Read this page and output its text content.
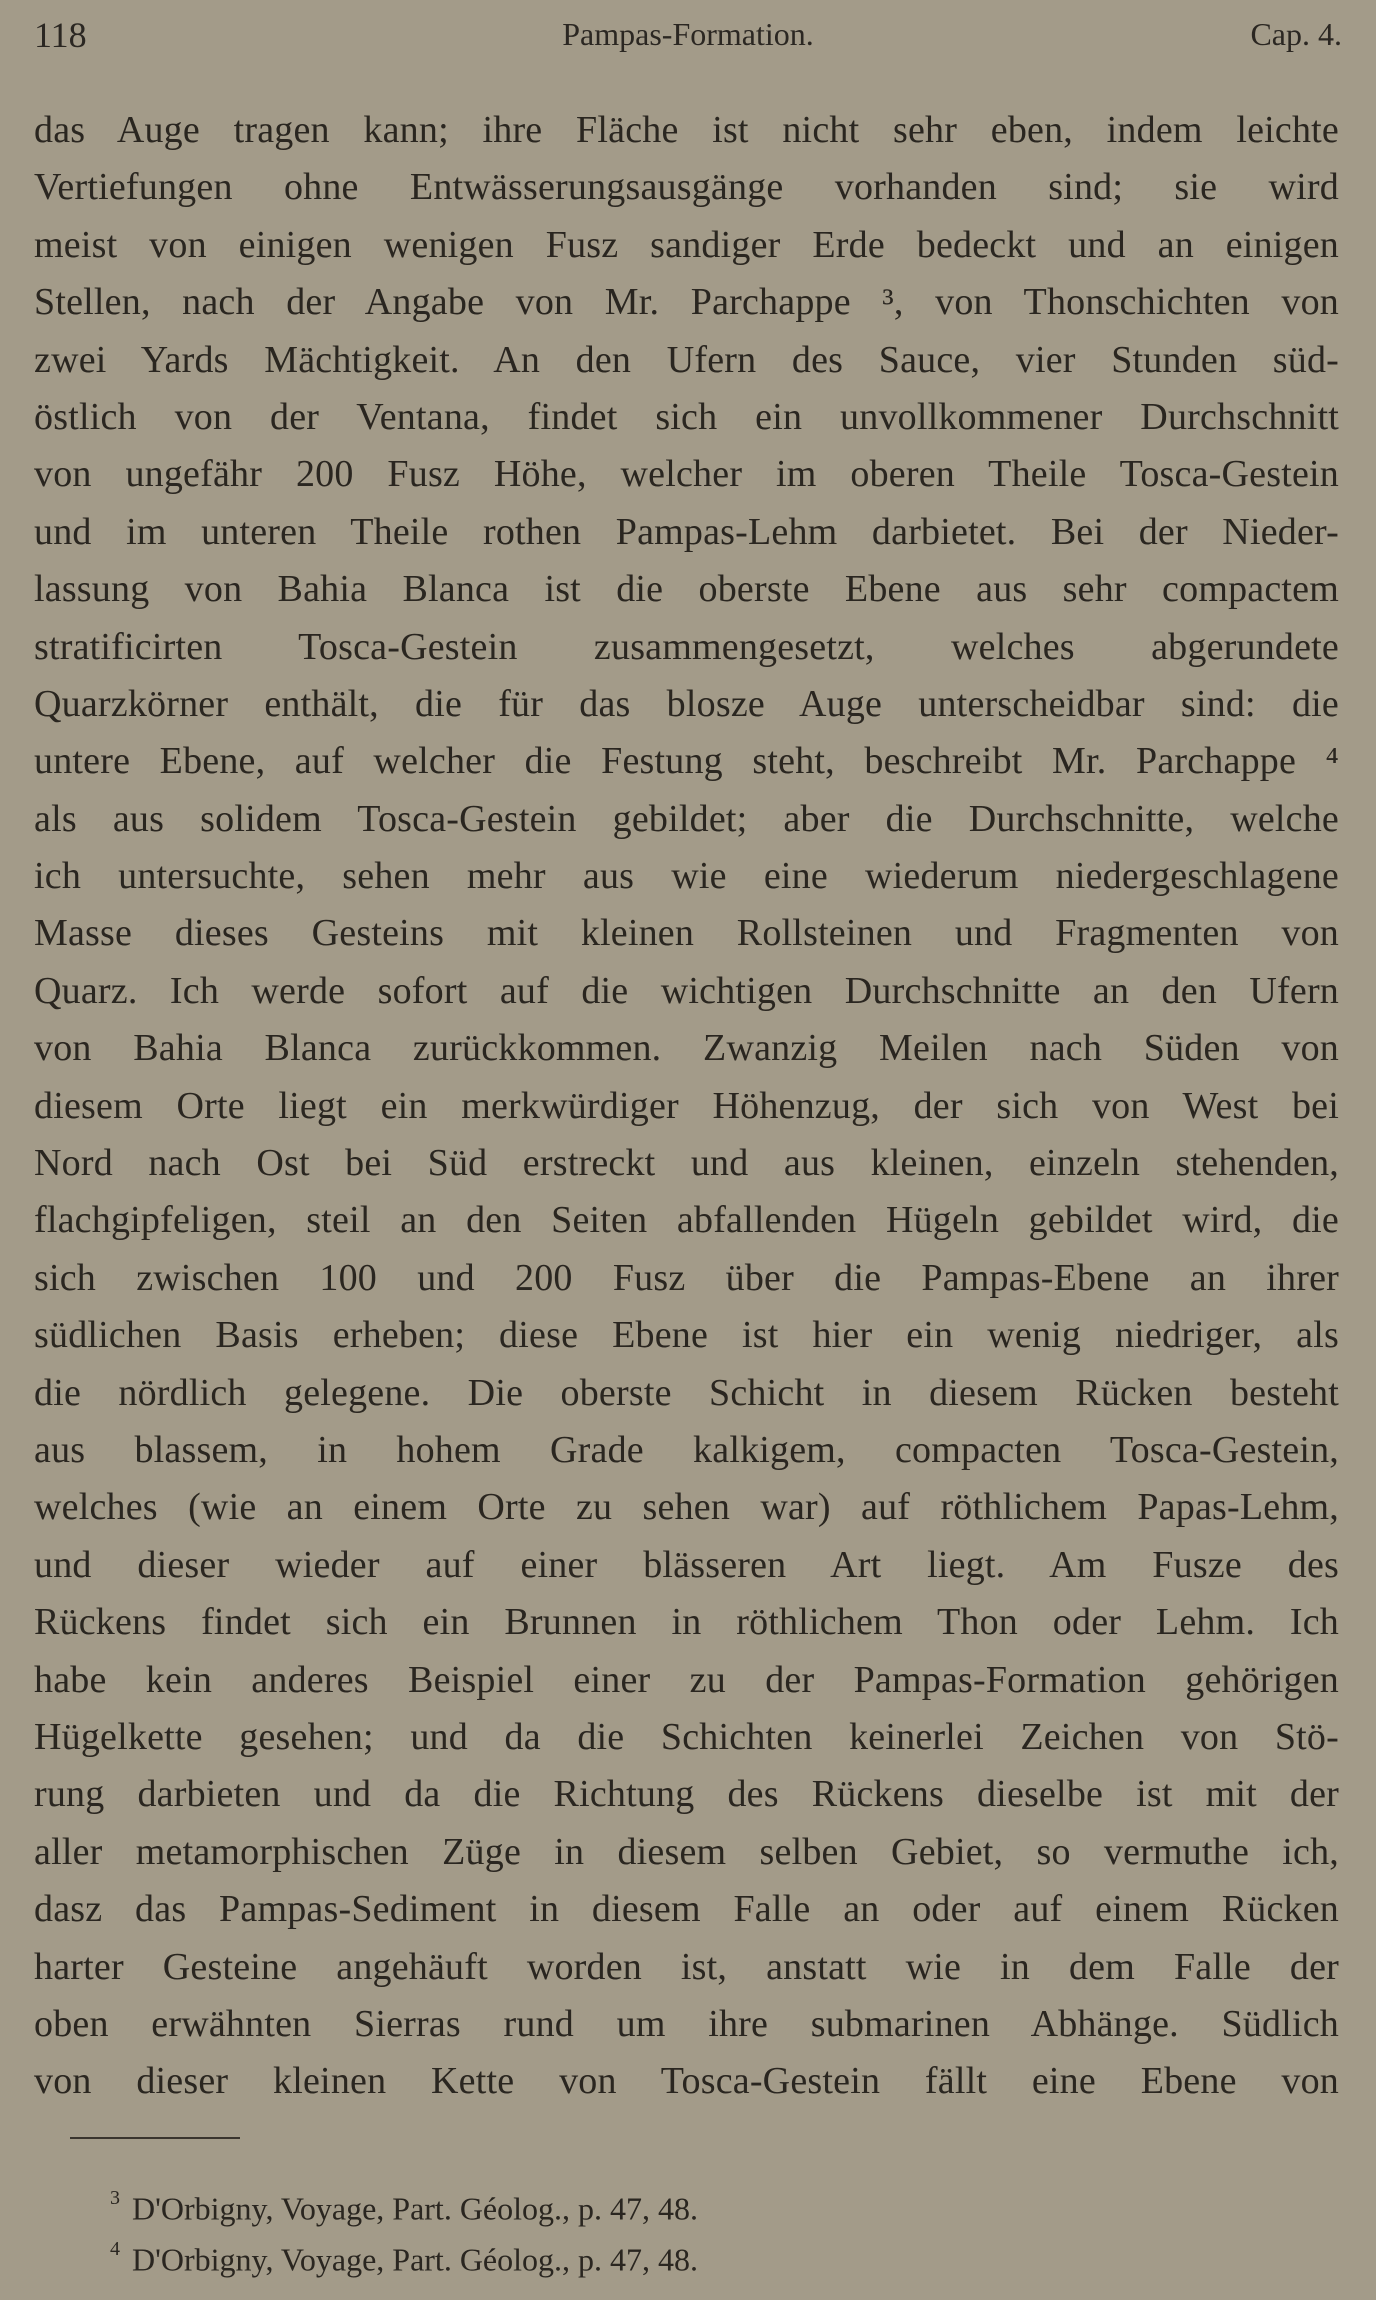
118	Pampas-Formation.	Cap. 4.
das Auge tragen kann; ihre Fläche ist nicht sehr eben, indem leichte
Vertiefungen ohne Entwässerungsausgänge vorhanden sind; sie wird
meist von einigen wenigen Fusz sandiger Erde bedeckt und an einigen
Stellen, nach der Angabe von Mr. Parchappe ³, von Thonschichten von
zwei Yards Mächtigkeit. An den Ufern des Sauce, vier Stunden süd-
östlich von der Ventana, findet sich ein unvollkommener Durchschnitt
von ungefähr 200 Fusz Höhe, welcher im oberen Theile Tosca-Gestein
und im unteren Theile rothen Pampas-Lehm darbietet. Bei der Nieder-
lassung von Bahia Blanca ist die oberste Ebene aus sehr compactem
stratificirten Tosca-Gestein zusammengesetzt, welches abgerundete
Quarzkörner enthält, die für das blosze Auge unterscheidbar sind: die
untere Ebene, auf welcher die Festung steht, beschreibt Mr. Parchappe ⁴
als aus solidem Tosca-Gestein gebildet; aber die Durchschnitte, welche
ich untersuchte, sehen mehr aus wie eine wiederum niedergeschlagene
Masse dieses Gesteins mit kleinen Rollsteinen und Fragmenten von
Quarz. Ich werde sofort auf die wichtigen Durchschnitte an den Ufern
von Bahia Blanca zurückkommen. Zwanzig Meilen nach Süden von
diesem Orte liegt ein merkwürdiger Höhenzug, der sich von West bei
Nord nach Ost bei Süd erstreckt und aus kleinen, einzeln stehenden,
flachgipfeligen, steil an den Seiten abfallenden Hügeln gebildet wird, die
sich zwischen 100 und 200 Fusz über die Pampas-Ebene an ihrer
südlichen Basis erheben; diese Ebene ist hier ein wenig niedriger, als
die nördlich gelegene. Die oberste Schicht in diesem Rücken besteht
aus blassem, in hohem Grade kalkigem, compacten Tosca-Gestein,
welches (wie an einem Orte zu sehen war) auf röthlichem Papas-Lehm,
und dieser wieder auf einer blässeren Art liegt. Am Fusze des
Rückens findet sich ein Brunnen in röthlichem Thon oder Lehm. Ich
habe kein anderes Beispiel einer zu der Pampas-Formation gehörigen
Hügelkette gesehen; und da die Schichten keinerlei Zeichen von Stö-
rung darbieten und da die Richtung des Rückens dieselbe ist mit der
aller metamorphischen Züge in diesem selben Gebiet, so vermuthe ich,
dasz das Pampas-Sediment in diesem Falle an oder auf einem Rücken
harter Gesteine angehäuft worden ist, anstatt wie in dem Falle der
oben erwähnten Sierras rund um ihre submarinen Abhänge. Südlich
von dieser kleinen Kette von Tosca-Gestein fällt eine Ebene von
$^3$ D'Orbigny, Voyage, Part. Géolog., p. 47, 48.
$^4$ D'Orbigny, Voyage, Part. Géolog., p. 47, 48.
